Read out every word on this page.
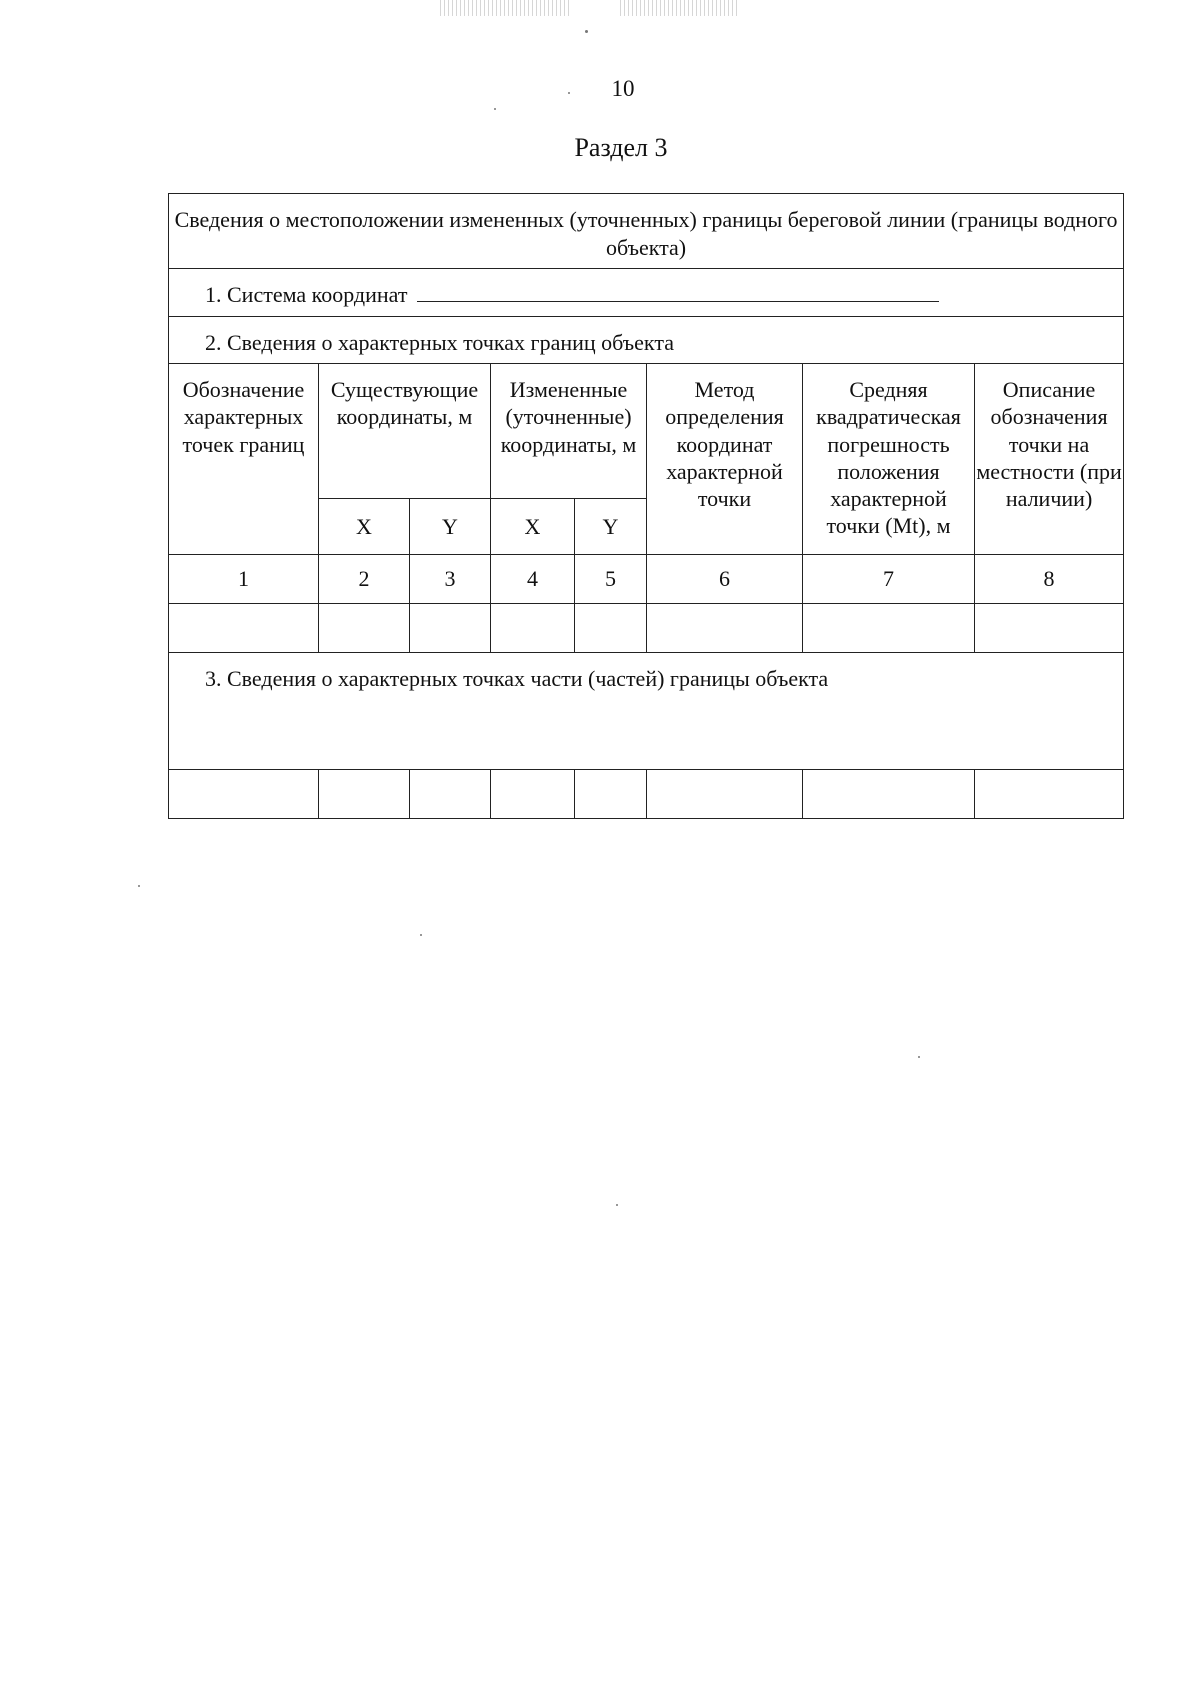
10
Раздел 3
Сведения о местоположении измененных (уточненных) границы береговой линии (границы водного объекта)							
1. Система координат							
2. Сведения о характерных точках границ объекта							
Обозначение характерных точек границ	Существующие координаты, м		Измененные (уточненные) координаты, м		Метод определения координат характерной точки	Средняя квадратическая погрешность положения характерной точки (Mt), м	Описание обозначения точки на местности (при наличии)
	X	Y	X	Y			
1	2	3	4	5	6	7	8

3. Сведения о характерных точках части (частей) границы объекта							
